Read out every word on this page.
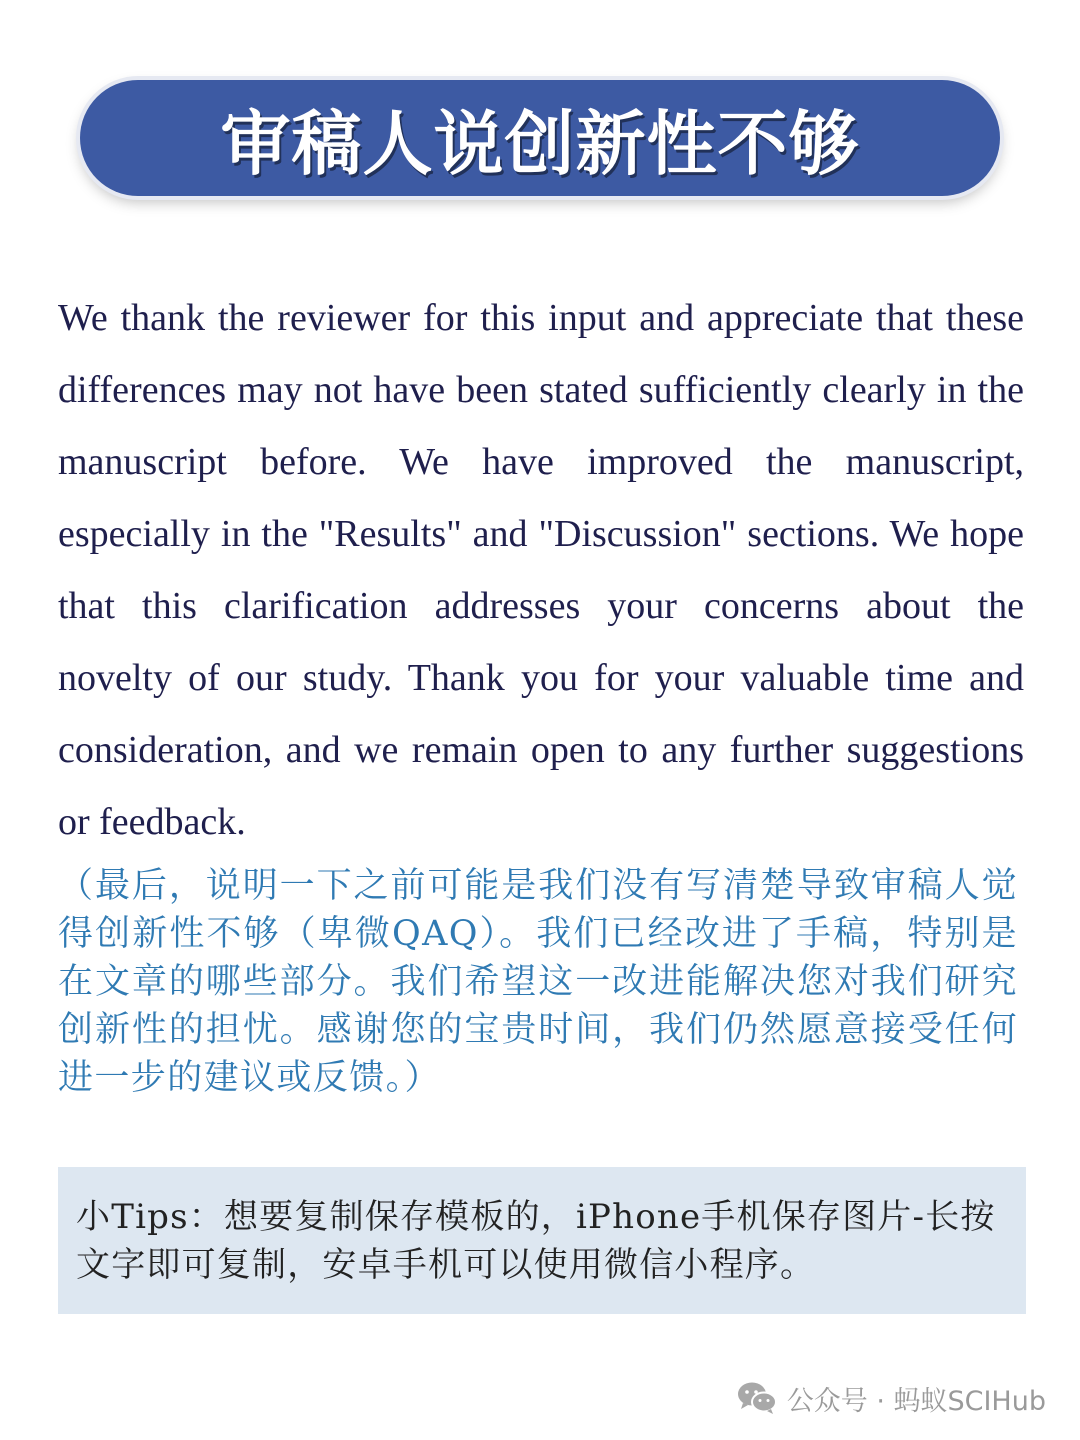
审稿人说创新性不够

We thank the reviewer for this input and appreciate that these differences may not have been stated sufficiently clearly in the manuscript before. We have improved the manuscript, especially in the "Results" and "Discussion" sections. We hope that this clarification addresses your concerns about the novelty of our study. Thank you for your valuable time and consideration, and we remain open to any further suggestions or feedback.

（最后，说明一下之前可能是我们没有写清楚导致审稿人觉得创新性不够（卑微QAQ）。我们已经改进了手稿，特别是在文章的哪些部分。我们希望这一改进能解决您对我们研究创新性的担忧。感谢您的宝贵时间，我们仍然愿意接受任何进一步的建议或反馈。）

小Tips：想要复制保存模板的，iPhone手机保存图片-长按文字即可复制，安卓手机可以使用微信小程序。

公众号 · 蚂蚁SCIHub
